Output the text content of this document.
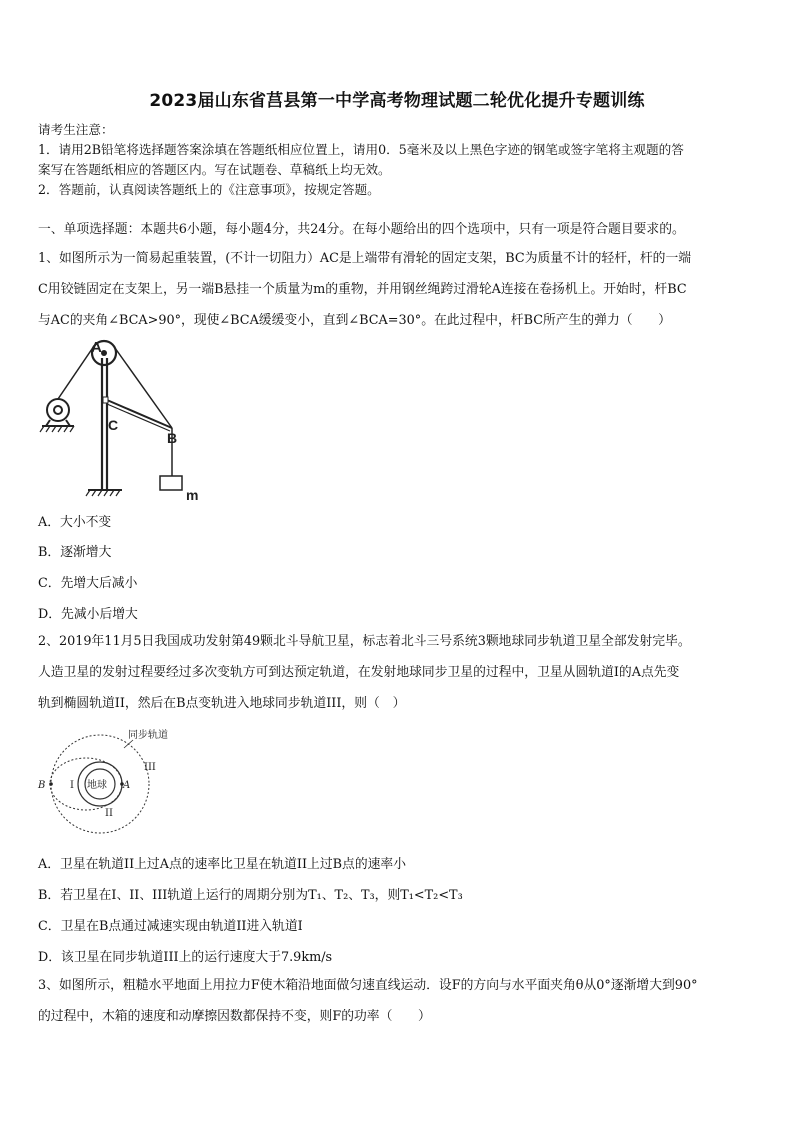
2023届山东省莒县第一中学高考物理试题二轮优化提升专题训练
请考生注意：
1．请用2B铅笔将选择题答案涂填在答题纸相应位置上，请用0．5毫米及以上黑色字迹的钢笔或签字笔将主观题的答
案写在答题纸相应的答题区内。写在试题卷、草稿纸上均无效。
2．答题前，认真阅读答题纸上的《注意事项》，按规定答题。
一、单项选择题：本题共6小题，每小题4分，共24分。在每小题给出的四个选项中，只有一项是符合题目要求的。
1、如图所示为一简易起重装置，(不计一切阻力）AC是上端带有滑轮的固定支架，BC为质量不计的轻杆，杆的一端
C用铰链固定在支架上，另一端B悬挂一个质量为m的重物，并用钢丝绳跨过滑轮A连接在卷扬机上。开始时，杆BC
与AC的夹角∠BCA>90°，现使∠BCA缓缓变小，直到∠BCA=30°。在此过程中，杆BC所产生的弹力（　　）
A
C
B
m
A．大小不变
B．逐渐增大
C．先增大后减小
D．先减小后增大
2、2019年11月5日我国成功发射第49颗北斗导航卫星，标志着北斗三号系统3颗地球同步轨道卫星全部发射完毕。
人造卫星的发射过程要经过多次变轨方可到达预定轨道，在发射地球同步卫星的过程中，卫星从圆轨道I的A点先变
轨到椭圆轨道II，然后在B点变轨进入地球同步轨道III，则（　）
同步轨道
地球
I
II
III
A
B
A．卫星在轨道II上过A点的速率比卫星在轨道II上过B点的速率小
B．若卫星在I、II、III轨道上运行的周期分别为T₁、T₂、T₃，则T₁<T₂<T₃
C．卫星在B点通过减速实现由轨道II进入轨道I
D．该卫星在同步轨道III上的运行速度大于7.9km/s
3、如图所示，粗糙水平地面上用拉力F使木箱沿地面做匀速直线运动．设F的方向与水平面夹角θ从0°逐渐增大到90°
的过程中，木箱的速度和动摩擦因数都保持不变，则F的功率（　　）
